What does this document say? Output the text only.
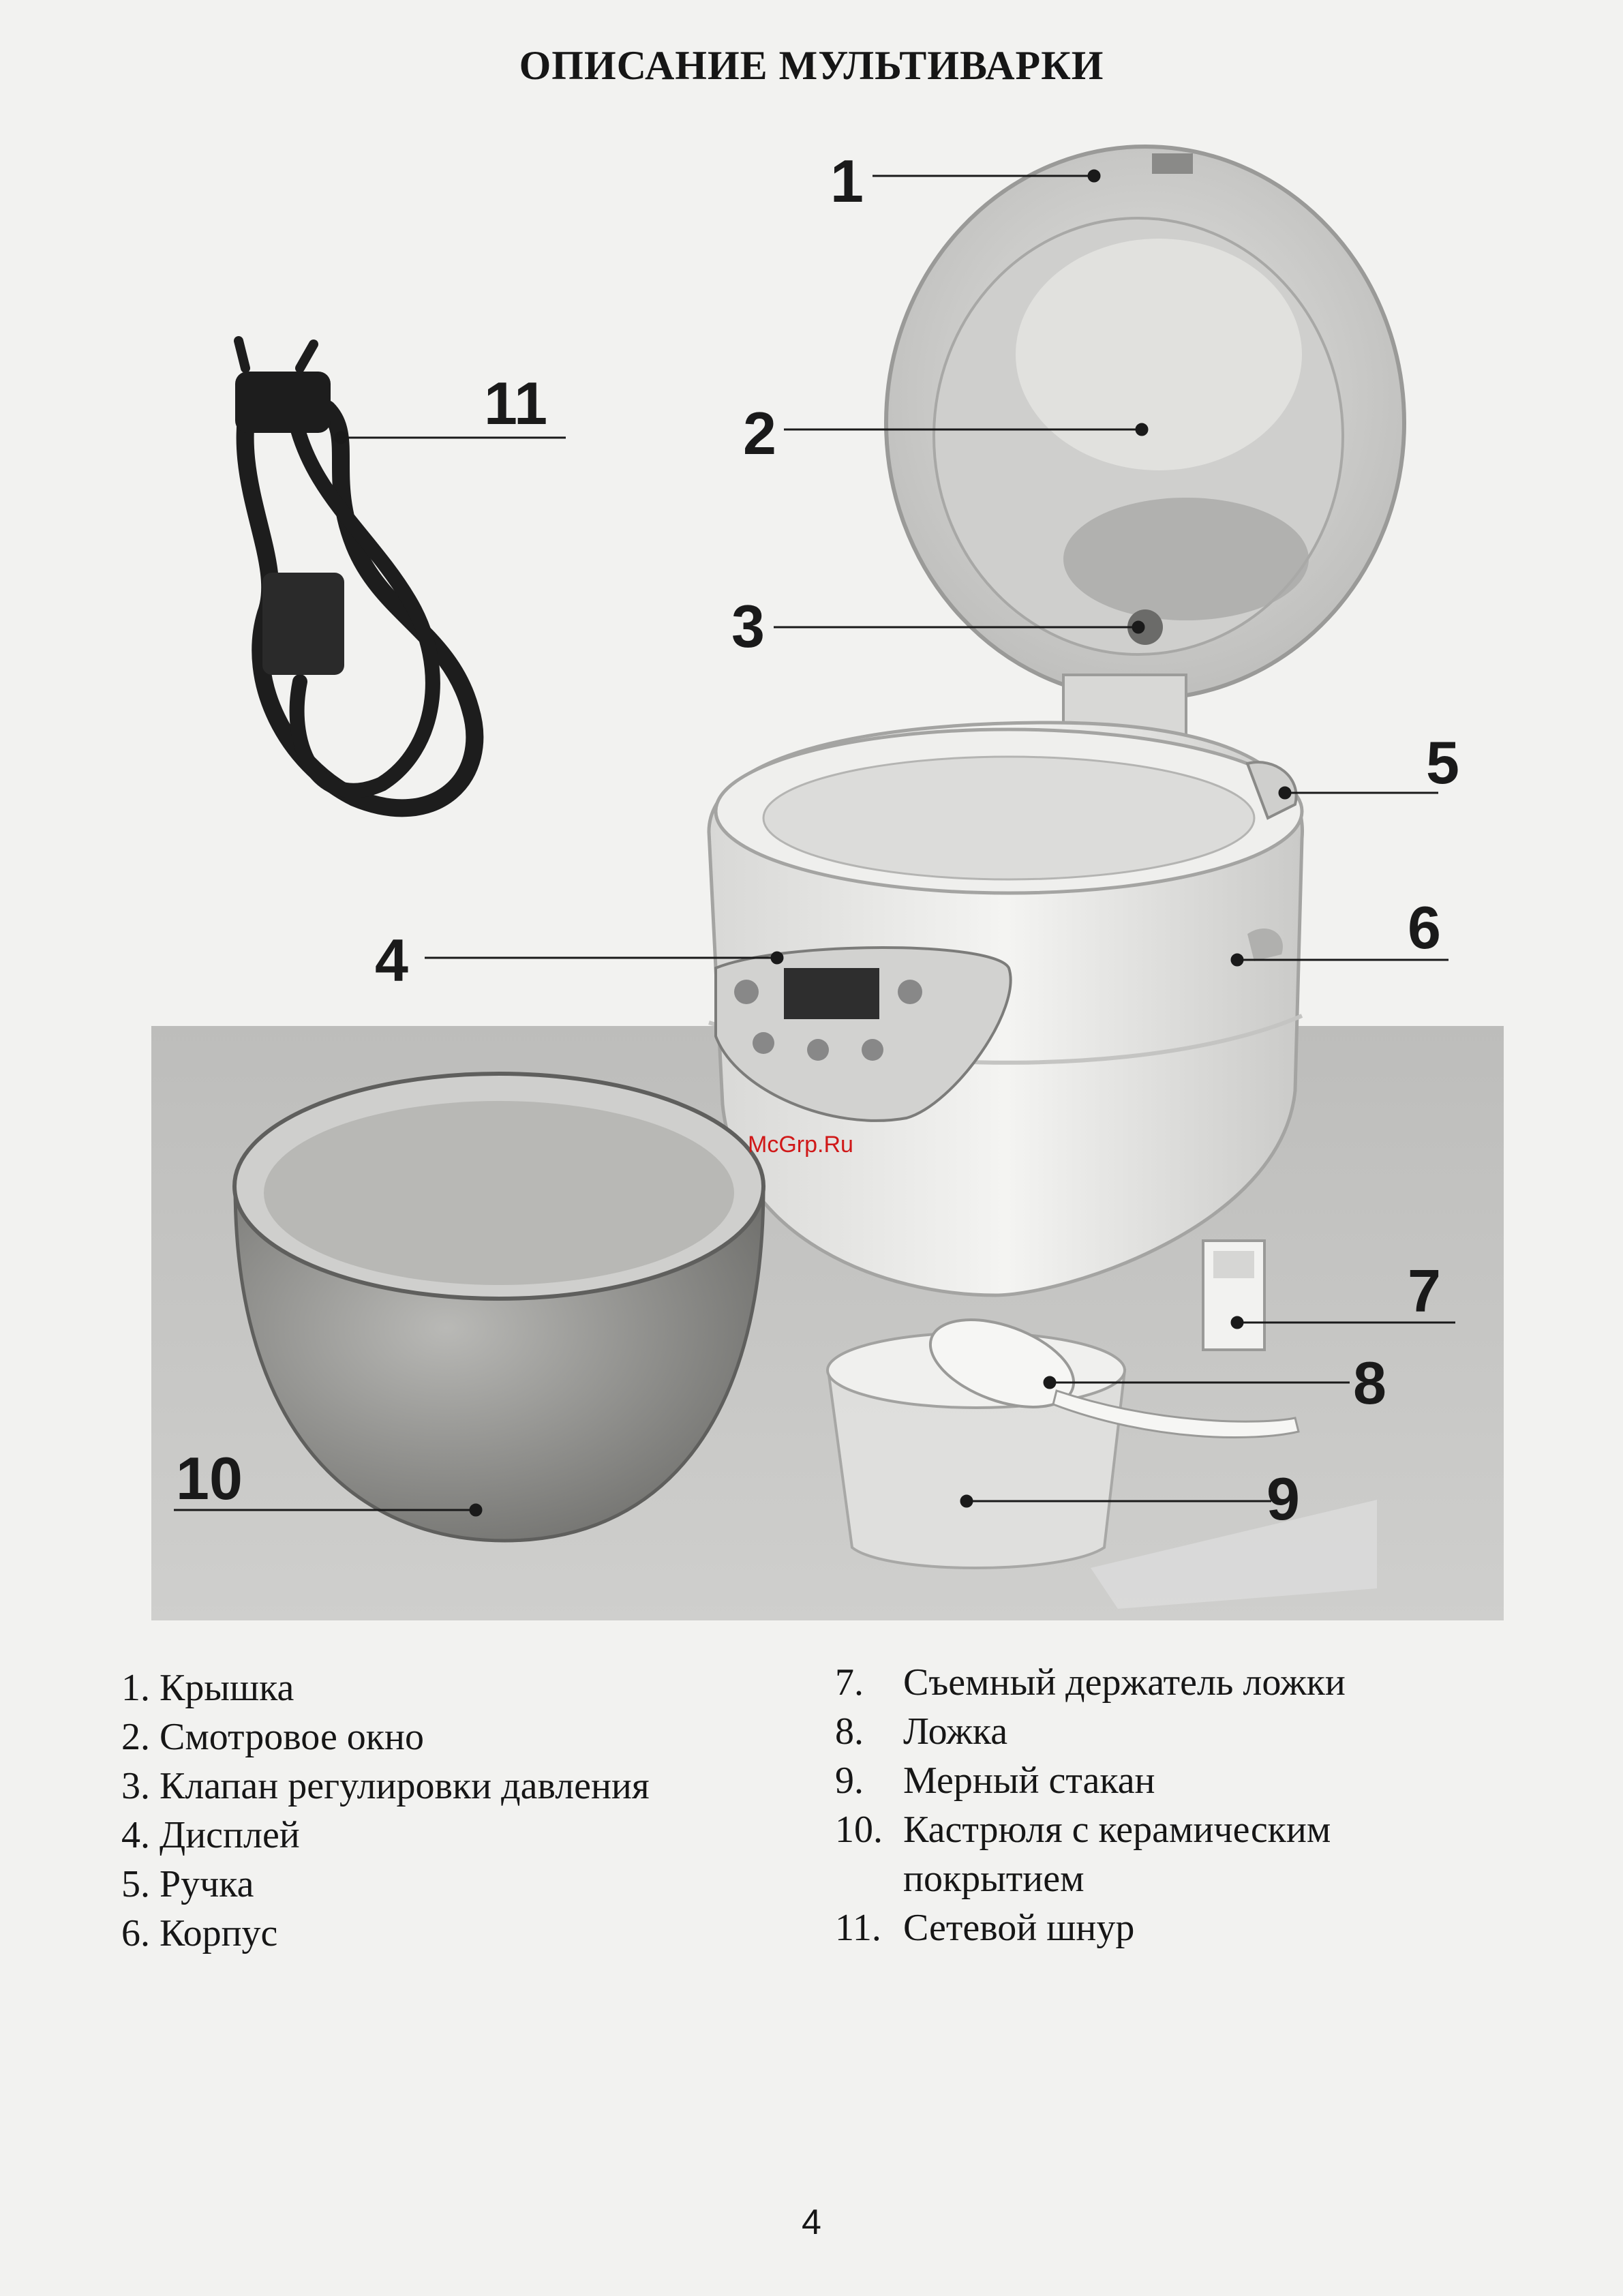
ОПИСАНИЕ МУЛЬТИВАРКИ
McGrp.Ru
1
2
3
4
5
6
7
8
9
10
11
1. Крышка
2. Смотровое окно
3. Клапан регулировки давления
4. Дисплей
5. Ручка
6. Корпус
7. Съемный держатель ложки
8. Ложка
9. Мерный стакан
10. Кастрюля с керамическим
покрытием
11. Сетевой шнур
4
